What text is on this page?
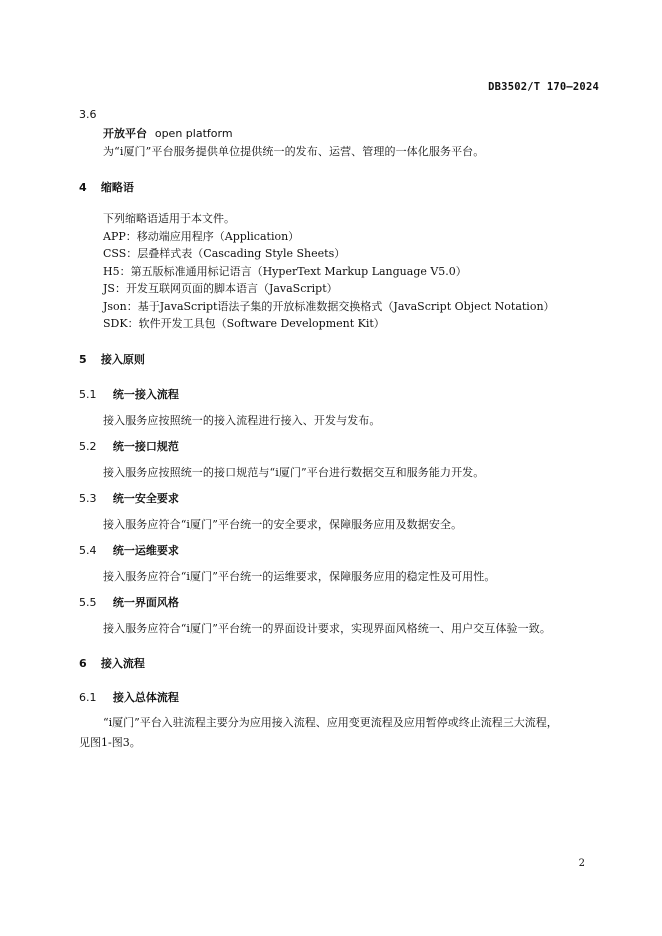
DB3502/T 170—2024
3.6
开放平台 open platform
为“i厦门”平台服务提供单位提供统一的发布、运营、管理的一体化服务平台。
4 缩略语
下列缩略语适用于本文件。
APP：移动端应用程序（Application）
CSS：层叠样式表（Cascading Style Sheets）
H5：第五版标准通用标记语言（HyperText Markup Language V5.0）
JS：开发互联网页面的脚本语言（JavaScript）
Json：基于JavaScript语法子集的开放标准数据交换格式（JavaScript Object Notation）
SDK：软件开发工具包（Software Development Kit）
5 接入原则
5.1 统一接入流程
接入服务应按照统一的接入流程进行接入、开发与发布。
5.2 统一接口规范
接入服务应按照统一的接口规范与“i厦门”平台进行数据交互和服务能力开发。
5.3 统一安全要求
接入服务应符合“i厦门”平台统一的安全要求，保障服务应用及数据安全。
5.4 统一运维要求
接入服务应符合“i厦门”平台统一的运维要求，保障服务应用的稳定性及可用性。
5.5 统一界面风格
接入服务应符合“i厦门”平台统一的界面设计要求，实现界面风格统一、用户交互体验一致。
6 接入流程
6.1 接入总体流程
“i厦门”平台入驻流程主要分为应用接入流程、应用变更流程及应用暂停或终止流程三大流程，
见图1-图3。
2
